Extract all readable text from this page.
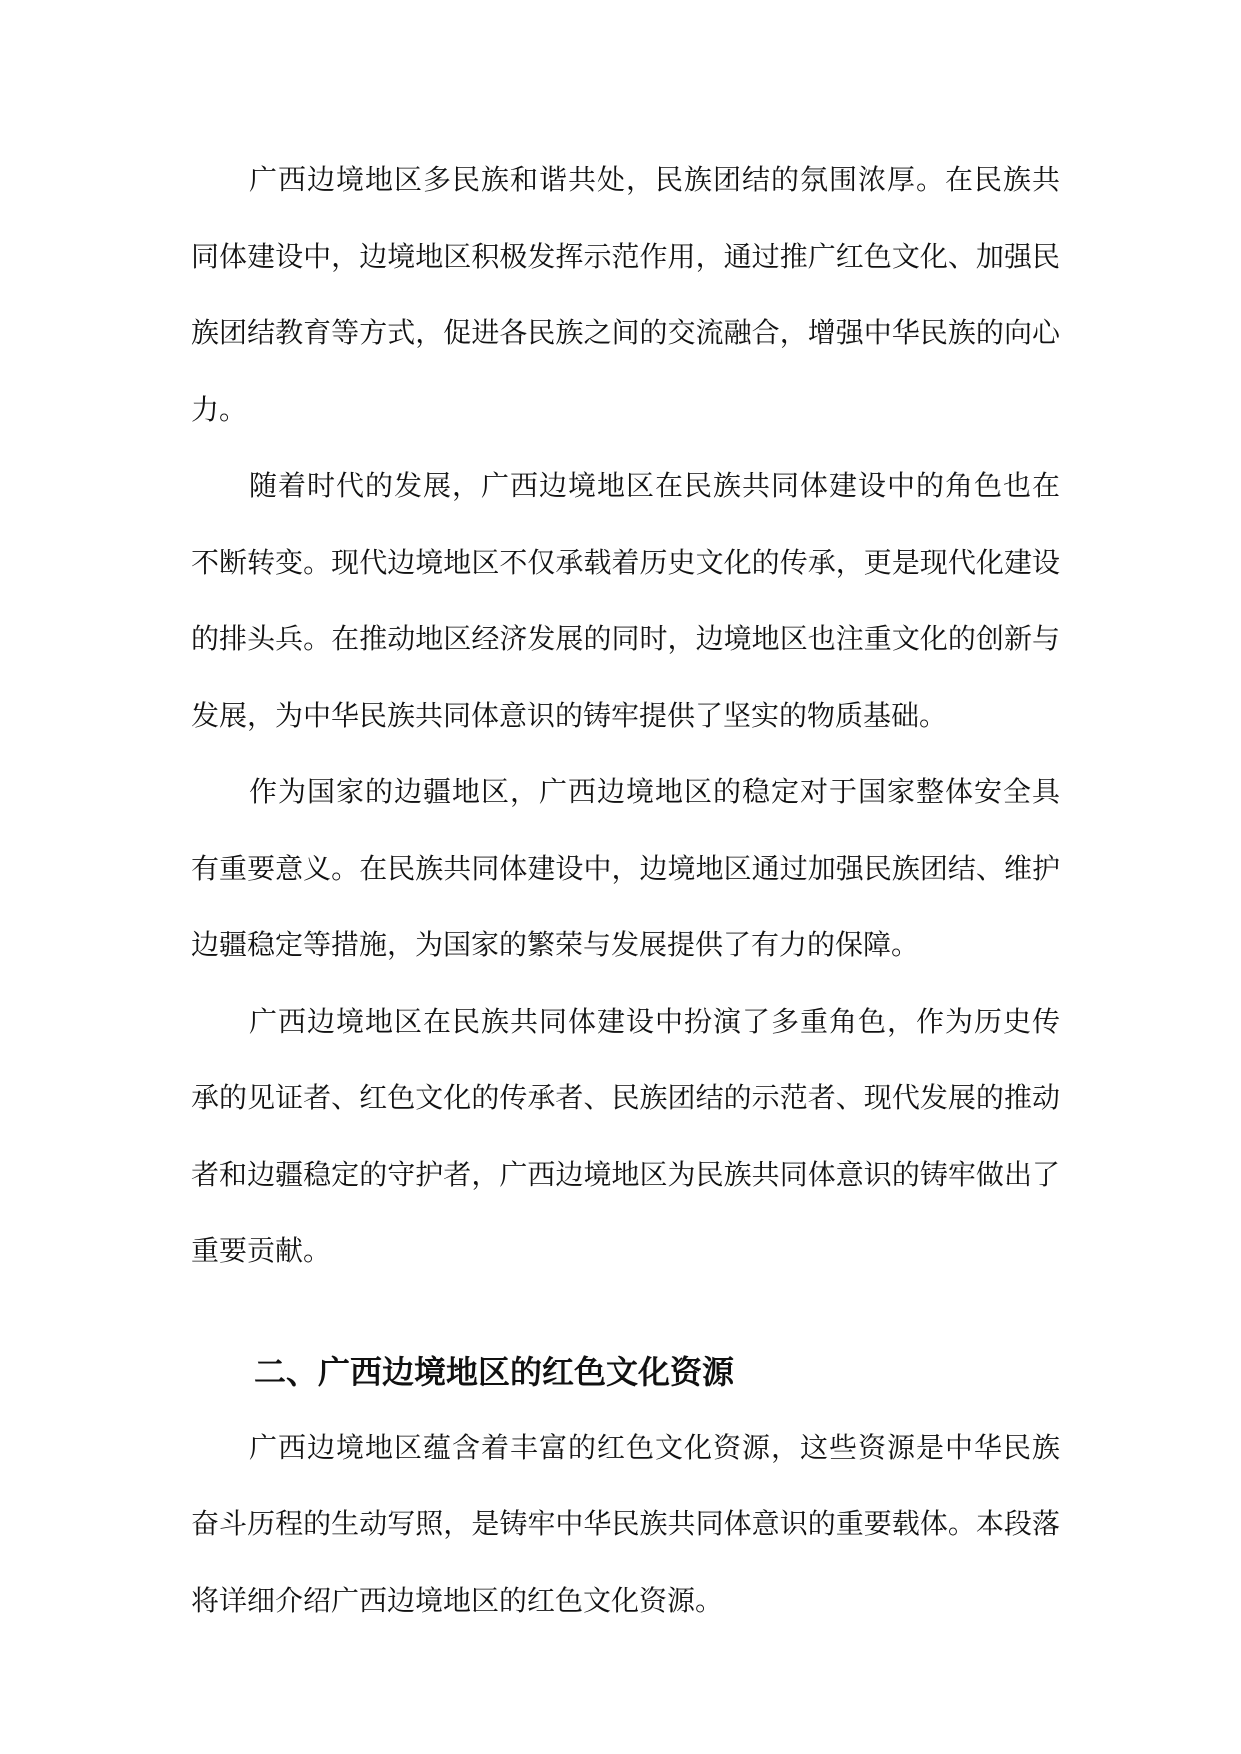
广西边境地区多民族和谐共处，民族团结的氛围浓厚。在民族共同体建设中，边境地区积极发挥示范作用，通过推广红色文化、加强民族团结教育等方式，促进各民族之间的交流融合，增强中华民族的向心力。

随着时代的发展，广西边境地区在民族共同体建设中的角色也在不断转变。现代边境地区不仅承载着历史文化的传承，更是现代化建设的排头兵。在推动地区经济发展的同时，边境地区也注重文化的创新与发展，为中华民族共同体意识的铸牢提供了坚实的物质基础。

作为国家的边疆地区，广西边境地区的稳定对于国家整体安全具有重要意义。在民族共同体建设中，边境地区通过加强民族团结、维护边疆稳定等措施，为国家的繁荣与发展提供了有力的保障。

广西边境地区在民族共同体建设中扮演了多重角色，作为历史传承的见证者、红色文化的传承者、民族团结的示范者、现代发展的推动者和边疆稳定的守护者，广西边境地区为民族共同体意识的铸牢做出了重要贡献。

二、广西边境地区的红色文化资源

广西边境地区蕴含着丰富的红色文化资源，这些资源是中华民族奋斗历程的生动写照，是铸牢中华民族共同体意识的重要载体。本段落将详细介绍广西边境地区的红色文化资源。
